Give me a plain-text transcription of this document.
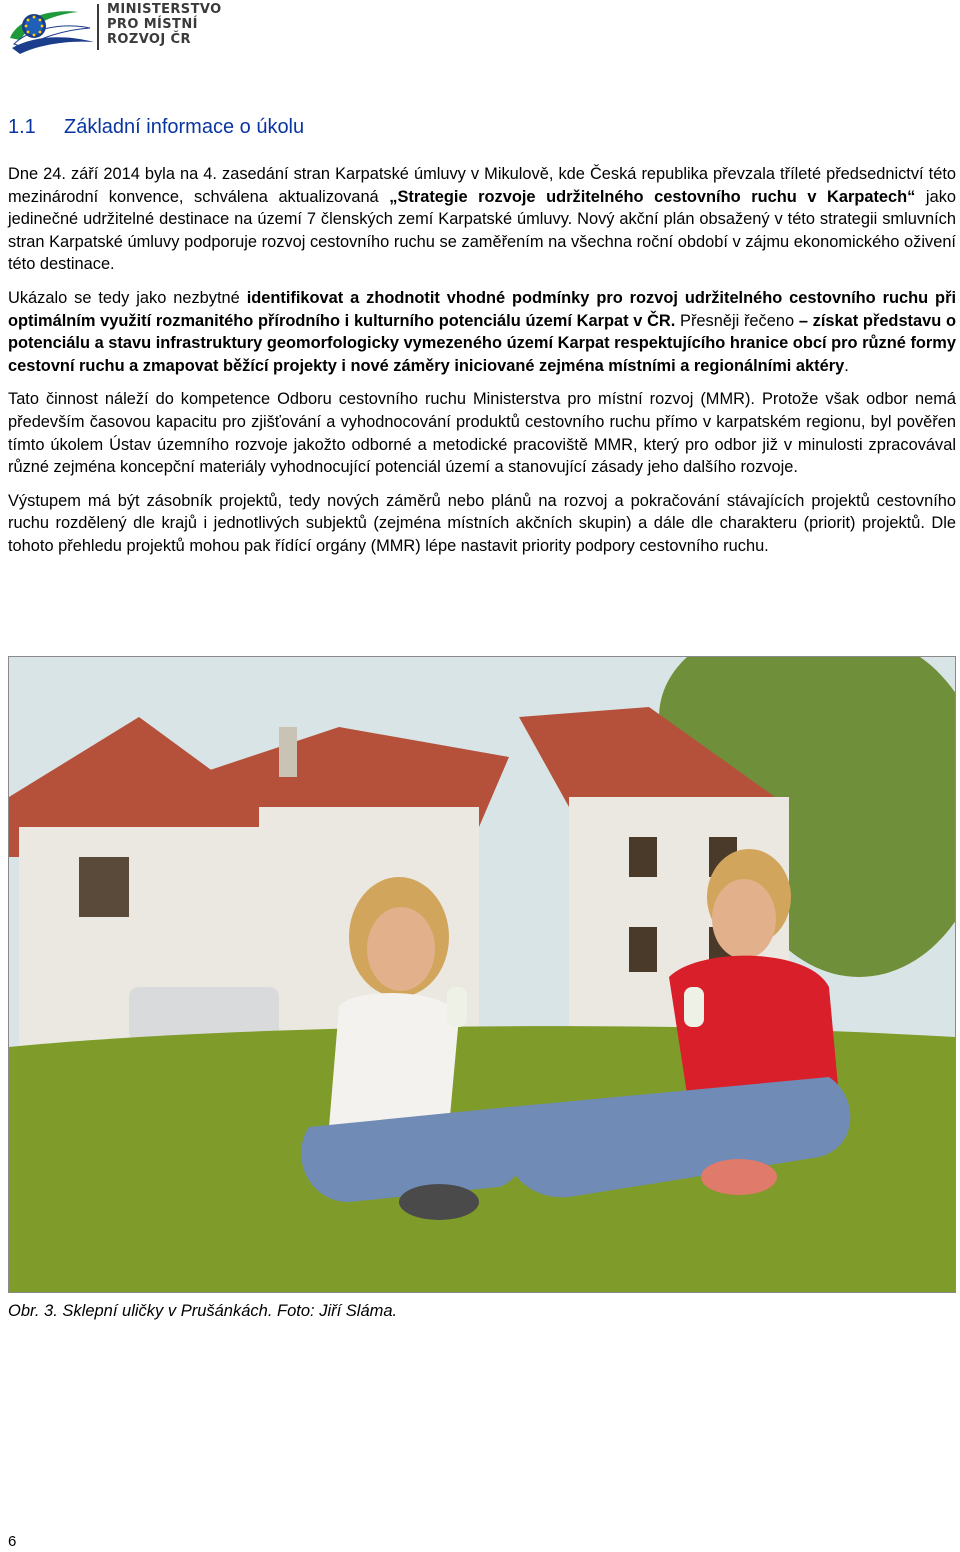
MINISTERSTVO
PRO MÍSTNÍ
ROZVOJ ČR
1.1 Základní informace o úkolu

Dne 24. září 2014 byla na 4. zasedání stran Karpatské úmluvy v Mikulově, kde Česká republika převzala tříleté předsednictví této mezinárodní konvence, schválena aktualizovaná „Strategie rozvoje udržitelného cestovního ruchu v Karpatech“ jako jedinečné udržitelné destinace na území 7 členských zemí Karpatské úmluvy. Nový akční plán obsažený v této strategii smluvních stran Karpatské úmluvy podporuje rozvoj cestovního ruchu se zaměřením na všechna roční období v zájmu ekonomického oživení této destinace.

Ukázalo se tedy jako nezbytné identifikovat a zhodnotit vhodné podmínky pro rozvoj udržitelného cestovního ruchu při optimálním využití rozmanitého přírodního i kulturního potenciálu území Karpat v ČR. Přesněji řečeno – získat představu o potenciálu a stavu infrastruktury geomorfologicky vymezeného území Karpat respektujícího hranice obcí pro různé formy cestovní ruchu a zmapovat běžící projekty i nové záměry iniciované zejména místními a regionálními aktéry.

Tato činnost náleží do kompetence Odboru cestovního ruchu Ministerstva pro místní rozvoj (MMR). Protože však odbor nemá především časovou kapacitu pro zjišťování a vyhodnocování produktů cestovního ruchu přímo v karpatském regionu, byl pověřen tímto úkolem Ústav územního rozvoje jakožto odborné a metodické pracoviště MMR, který pro odbor již v minulosti zpracovával různé zejména koncepční materiály vyhodnocující potenciál území a stanovující zásady jeho dalšího rozvoje.

Výstupem má být zásobník projektů, tedy nových záměrů nebo plánů na rozvoj a pokračování stávajících projektů cestovního ruchu rozdělený dle krajů i jednotlivých subjektů (zejména místních akčních skupin) a dále dle charakteru (priorit) projektů. Dle tohoto přehledu projektů mohou pak řídící orgány (MMR) lépe nastavit priority podpory cestovního ruchu.

Obr. 3. Sklepní uličky v Prušánkách. Foto: Jiří Sláma.

6
